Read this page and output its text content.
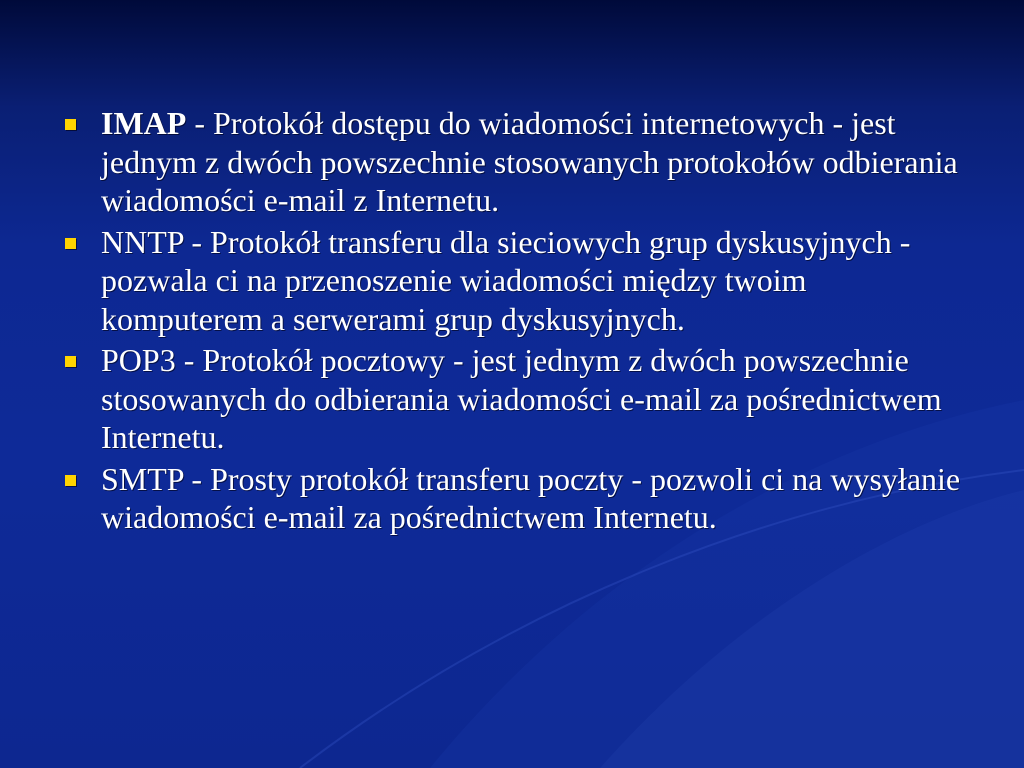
IMAP - Protokół dostępu do wiadomości internetowych - jest jednym z dwóch powszechnie stosowanych protokołów odbierania wiadomości e-mail z Internetu.
NNTP - Protokół transferu dla sieciowych grup dyskusyjnych - pozwala ci na przenoszenie wiadomości między twoim komputerem a serwerami grup dyskusyjnych.
POP3 - Protokół pocztowy - jest jednym z dwóch powszechnie stosowanych do odbierania wiadomości e-mail za pośrednictwem Internetu.
SMTP - Prosty protokół transferu poczty - pozwoli ci na wysyłanie wiadomości e-mail za pośrednictwem Internetu.
